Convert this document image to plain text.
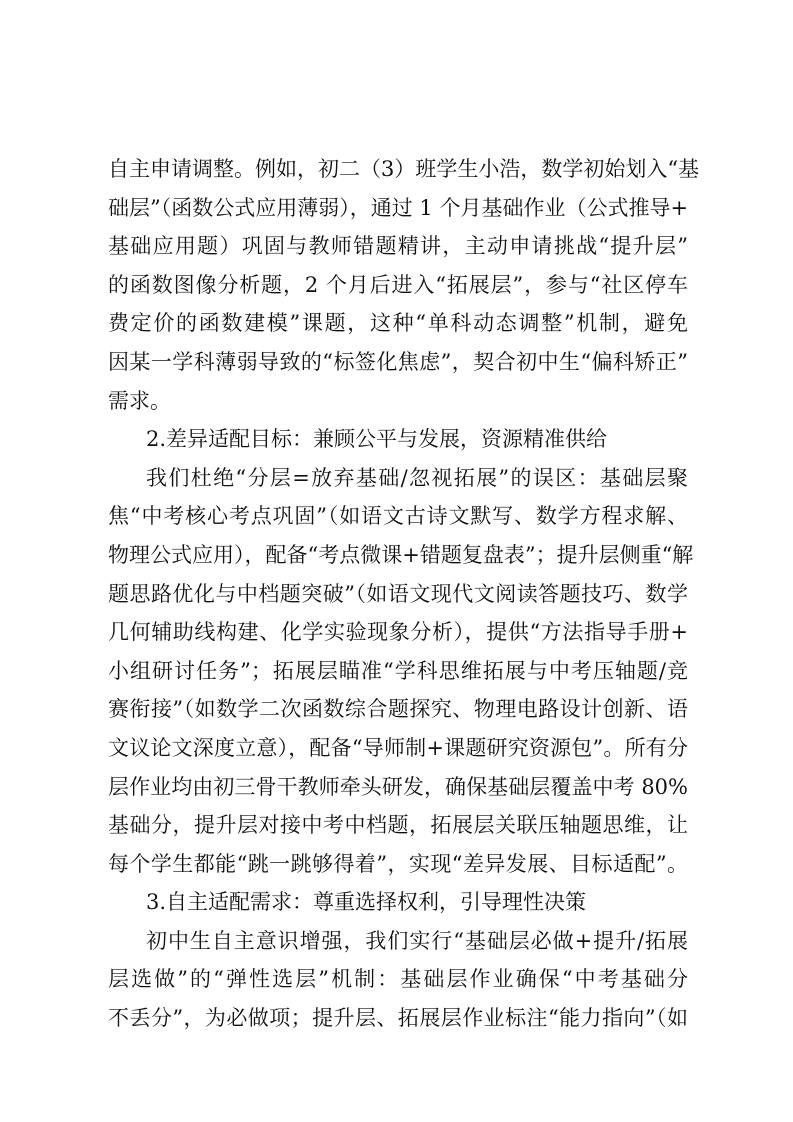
自主申请调整。例如，初二（3）班学生小浩，数学初始划入“基
础层”（函数公式应用薄弱），通过 1 个月基础作业（公式推导+
基础应用题）巩固与教师错题精讲，主动申请挑战“提升层”
的函数图像分析题，2 个月后进入“拓展层”，参与“社区停车
费定价的函数建模”课题，这种“单科动态调整”机制，避免
因某一学科薄弱导致的“标签化焦虑”，契合初中生“偏科矫正”
需求。
2.差异适配目标：兼顾公平与发展，资源精准供给
我们杜绝“分层=放弃基础/忽视拓展”的误区：基础层聚
焦“中考核心考点巩固”（如语文古诗文默写、数学方程求解、
物理公式应用），配备“考点微课+错题复盘表”；提升层侧重“解
题思路优化与中档题突破”（如语文现代文阅读答题技巧、数学
几何辅助线构建、化学实验现象分析），提供“方法指导手册+
小组研讨任务”；拓展层瞄准“学科思维拓展与中考压轴题/竞
赛衔接”（如数学二次函数综合题探究、物理电路设计创新、语
文议论文深度立意），配备“导师制+课题研究资源包”。所有分
层作业均由初三骨干教师牵头研发，确保基础层覆盖中考 80%
基础分，提升层对接中考中档题，拓展层关联压轴题思维，让
每个学生都能“跳一跳够得着”，实现“差异发展、目标适配”。
3.自主适配需求：尊重选择权利，引导理性决策
初中生自主意识增强，我们实行“基础层必做+提升/拓展
层选做”的“弹性选层”机制：基础层作业确保“中考基础分
不丢分”，为必做项；提升层、拓展层作业标注“能力指向”（如
